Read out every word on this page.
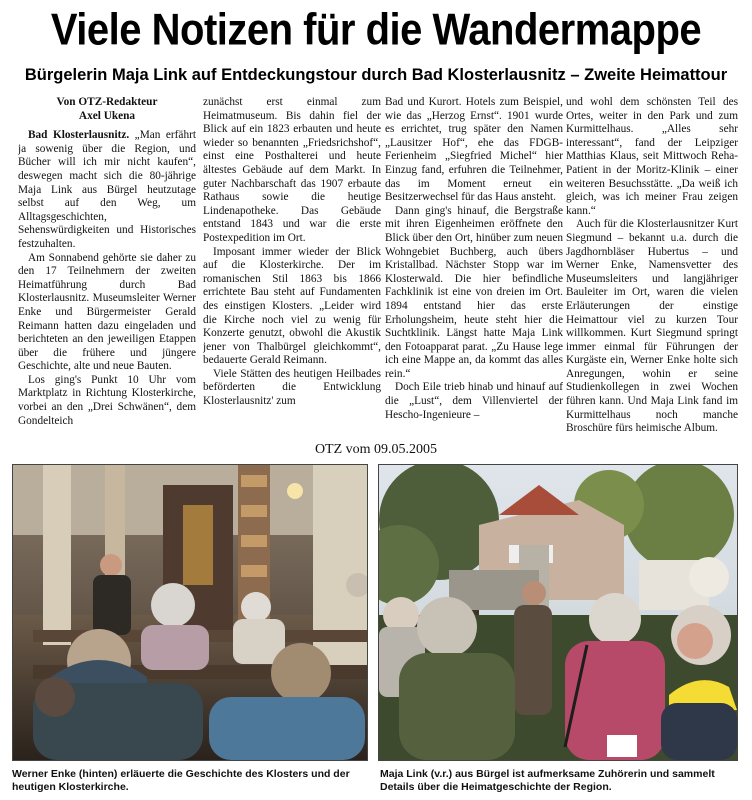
Viele Notizen für die Wandermappe
Bürgelerin Maja Link auf Entdeckungstour durch Bad Klosterlausnitz – Zweite Heimattour

Von OTZ-Redakteur
Axel Ukena

Bad Klosterlausnitz. „Man erfährt ja sowenig über die Region, und Bücher will ich mir nicht kaufen“, deswegen macht sich die 80-jährige Maja Link aus Bürgel heutzutage selbst auf den Weg, um Alltagsgeschichten, Sehenswürdigkeiten und Historisches festzuhalten.

Am Sonnabend gehörte sie daher zu den 17 Teilnehmern der zweiten Heimatführung durch Bad Klosterlausnitz. Museumsleiter Werner Enke und Bürgermeister Gerald Reimann hatten dazu eingeladen und berichteten an den jeweiligen Etappen über die frühere und jüngere Geschichte, alte und neue Bauten.

Los ging's Punkt 10 Uhr vom Marktplatz in Richtung Klosterkirche, vorbei an den „Drei Schwänen“, dem Gondelteich

zunächst erst einmal zum Heimatmuseum. Bis dahin fiel der Blick auf ein 1823 erbauten und heute wieder so benannten „Friedsrichshof“, einst eine Posthalterei und heute ältestes Gebäude auf dem Markt. In guter Nachbarschaft das 1907 erbaute Rathaus sowie die heutige Lindenapotheke. Das Gebäude entstand 1843 und war die erste Postexpedition im Ort.

Imposant immer wieder der Blick auf die Klosterkirche. Der im romanischen Stil 1863 bis 1866 errichtete Bau steht auf Fundamenten des einstigen Klosters. „Leider wird die Kirche noch viel zu wenig für Konzerte genutzt, obwohl die Akustik jener von Thalbürgel gleichkommt“, bedauerte Gerald Reimann.

Viele Stätten des heutigen Heilbades beförderten die Entwicklung Klosterlausnitz' zum

Bad und Kurort. Hotels zum Beispiel, wie das „Herzog Ernst“. 1901 wurde es errichtet, trug später den Namen „Lausitzer Hof“, ehe das FDGB-Ferienheim „Siegfried Michel“ hier Einzug fand, erfuhren die Teilnehmer, das im Moment erneut ein Besitzerwechsel für das Haus ansteht.

Dann ging's hinauf, die Bergstraße mit ihren Eigenheimen eröffnete den Blick über den Ort, hinüber zum neuen Wohngebiet Buchberg, auch übers Kristallbad. Nächster Stopp war im Klosterwald. Die hier befindliche Fachklinik ist eine von dreien im Ort. 1894 entstand hier das erste Erholungsheim, heute steht hier die Suchtklinik. Längst hatte Maja Link den Fotoapparat parat. „Zu Hause lege ich eine Mappe an, da kommt das alles rein.“

Doch Eile trieb hinab und hinauf auf die „Lust“, dem Villenviertel der Hescho-Ingenieure –

und wohl dem schönsten Teil des Ortes, weiter in den Park und zum Kurmittelhaus. „Alles sehr interessant“, fand der Leipziger Matthias Klaus, seit Mittwoch Reha-Patient in der Moritz-Klinik – einer weiteren Besuchsstätte. „Da weiß ich gleich, was ich meiner Frau zeigen kann.“

Auch für die Klosterlausnitzer Kurt Siegmund – bekannt u.a. durch die Jagdhornbläser Hubertus – und Werner Enke, Namensvetter des Museumsleiters und langjähriger Bauleiter im Ort, waren die vielen Erläuterungen der einstige Heimattour viel zu kurzen Tour willkommen. Kurt Siegmund springt immer einmal für Führungen der Kurgäste ein, Werner Enke holte sich Anregungen, wohin er seine Studienkollegen in zwei Wochen führen kann. Und Maja Link fand im Kurmittelhaus noch manche Broschüre fürs heimische Album.

OTZ vom 09.05.2005
Werner Enke (hinten) erläuerte die Geschichte des Klosters und der heutigen Klosterkirche.
Maja Link (v.r.) aus Bürgel ist aufmerksame Zuhörerin und sammelt Details über die Heimatgeschichte der Region.
